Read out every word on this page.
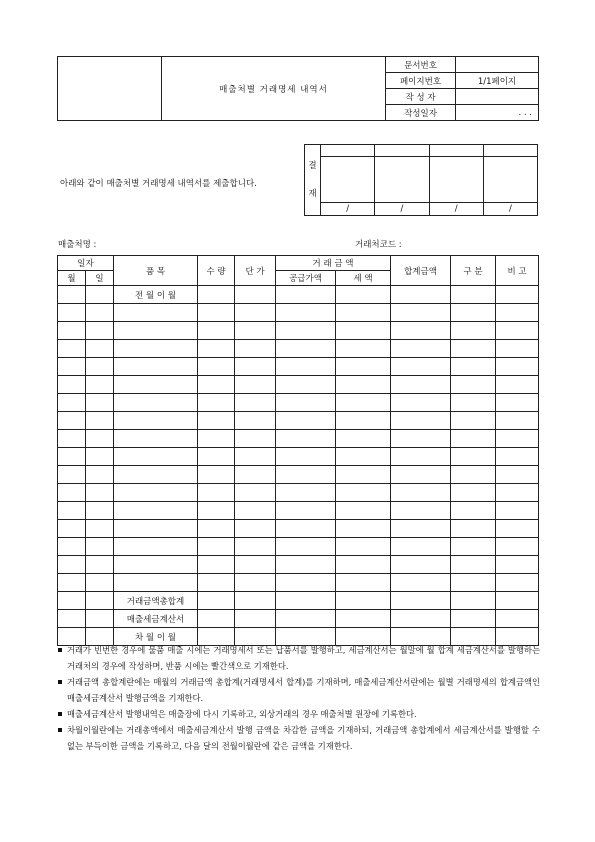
	매출처별 거래명세 내역서	문서번호	
		페이지번호	1/1페이지
		작 성 자	
		작성일자	. . .
아래와 같이 매출처별 거래명세 내역서를 제출합니다.
결
재				

	/	/	/	/
매출처명 :	거래처코드 :
일자		품 목	수 량	단 가	거 래 금 액		합계금액	구 분	비 고
월	일				공급가액	세 액			
		전 월 이 월							

		거래금액총합계							
		매출세금계산서							
		차 월 이 월							
거래가 빈번한 경우에 물품 매출 시에는 거래명세서 또는 납품서를 발행하고, 세금계산서는 월말에 월 합계 세금계산서를 발행하는 거래처의 경우에 작성하며, 반품 시에는 빨간색으로 기재한다.
거래금액 총합계란에는 매월의 거래금액 총합계(거래명세서 합계)를 기재하며, 매출세금계산서란에는 월별 거래명세의 합계금액인 매출세금계산서 발행금액을 기재한다.
매출세금계산서 발행내역은 매출장에 다시 기록하고, 외상거래의 경우 매출처별 원장에 기록한다.
차월이월란에는 거래총액에서 매출세금계산서 발행 금액을 차감한 금액을 기재하되, 거래금액 총합계에서 세금계산서를 발행할 수 없는 부득이한 금액을 기록하고, 다음 달의 전월이월란에 같은 금액을 기재한다.
